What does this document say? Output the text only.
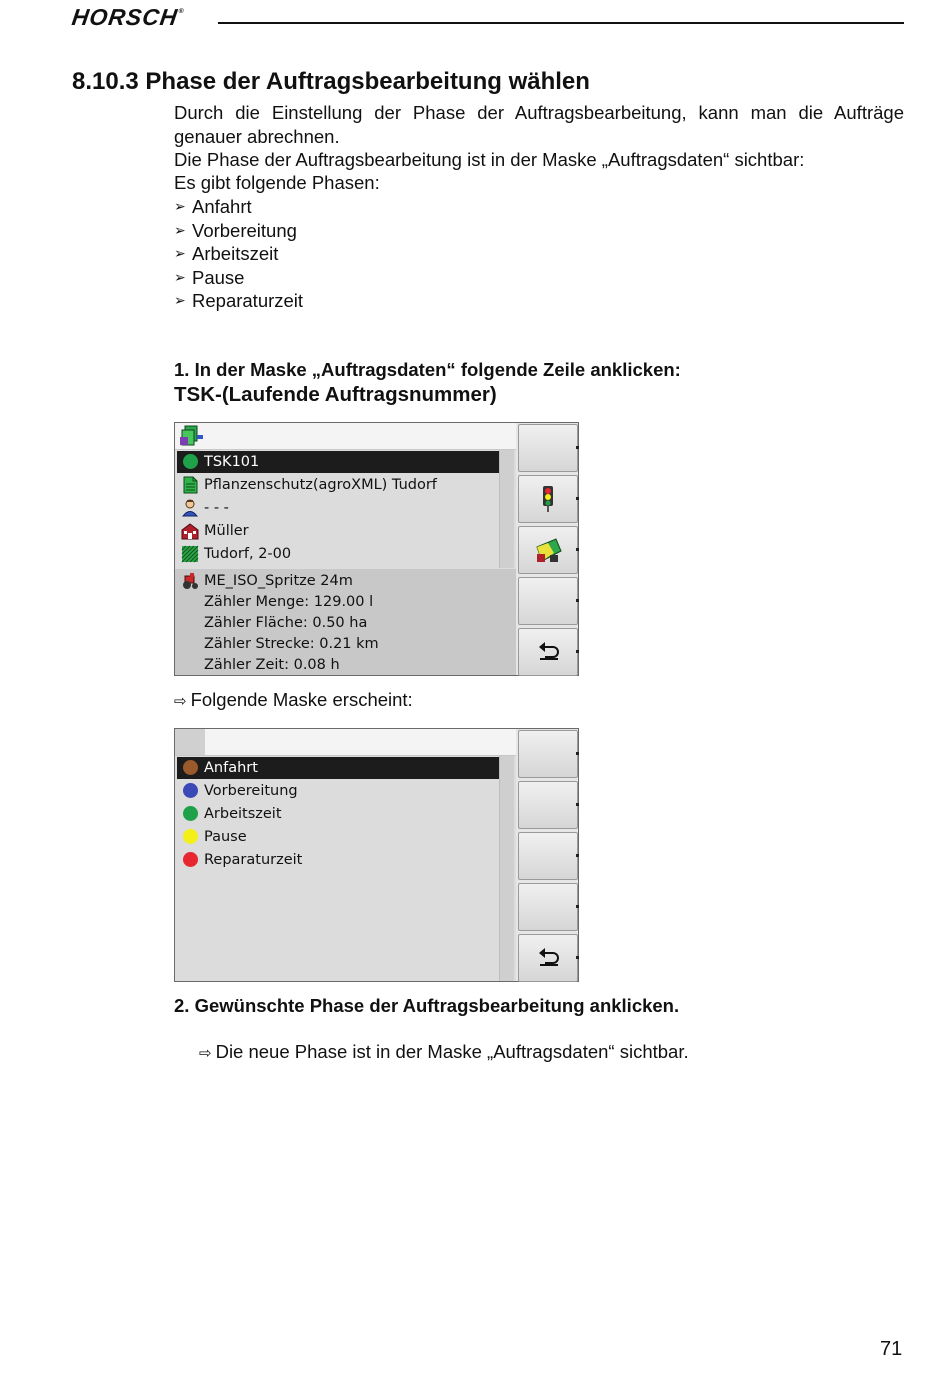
HORSCH®
8.10.3 Phase der Auftragsbearbeitung wählen
Durch die Einstellung der Phase der Auftragsbearbeitung, kann man die Aufträge genauer abrechnen.
Die Phase der Auftragsbearbeitung ist in der Maske „Auftragsdaten“ sichtbar:
Es gibt folgende Phasen:
➢ Anfahrt
➢ Vorbereitung
➢ Arbeitszeit
➢ Pause
➢ Reparaturzeit
1. In der Maske „Auftragsdaten“ folgende Zeile anklicken:
TSK-(Laufende Auftragsnummer)
TSK101
Pflanzenschutz(agroXML) Tudorf
- - -
Müller
Tudorf, 2-00
ME_ISO_Spritze 24m
Zähler Menge: 129.00 l
Zähler Fläche: 0.50 ha
Zähler Strecke: 0.21 km
Zähler Zeit: 0.08 h
⇨ Folgende Maske erscheint:
Anfahrt
Vorbereitung
Arbeitszeit
Pause
Reparaturzeit
2. Gewünschte Phase der Auftragsbearbeitung anklicken.
⇨ Die neue Phase ist in der Maske „Auftragsdaten“ sichtbar.
71
